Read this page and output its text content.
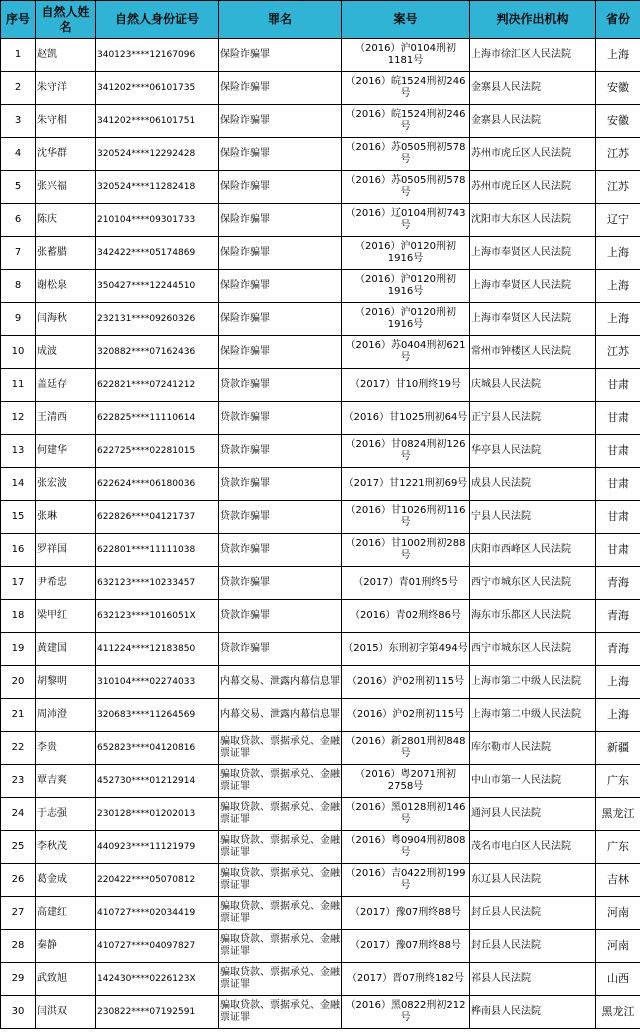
序号	自然人姓名	自然人身份证号	罪名	案号	判决作出机构	省份
1	赵凯	340123****12167096	保险诈骗罪	（2016）沪0104刑初1181号	上海市徐汇区人民法院	上海
2	朱守洋	341202****06101735	保险诈骗罪	（2016）皖1524刑初246号	金寨县人民法院	安徽
3	朱守相	341202****06101751	保险诈骗罪	（2016）皖1524刑初246号	金寨县人民法院	安徽
4	沈华群	320524****12292428	保险诈骗罪	（2016）苏0505刑初578号	苏州市虎丘区人民法院	江苏
5	张兴福	320524****11282418	保险诈骗罪	（2016）苏0505刑初578号	苏州市虎丘区人民法院	江苏
6	陈庆	210104****09301733	保险诈骗罪	（2016）辽0104刑初743号	沈阳市大东区人民法院	辽宁
7	张蓄腊	342422****05174869	保险诈骗罪	（2016）沪0120刑初1916号	上海市奉贤区人民法院	上海
8	谢松泉	350427****12244510	保险诈骗罪	（2016）沪0120刑初1916号	上海市奉贤区人民法院	上海
9	闫海秋	232131****09260326	保险诈骗罪	（2016）沪0120刑初1916号	上海市奉贤区人民法院	上海
10	成波	320882****07162436	保险诈骗罪	（2016）苏0404刑初621号	常州市钟楼区人民法院	江苏
11	盖廷存	622821****07241212	贷款诈骗罪	（2017）甘10刑终19号	庆城县人民法院	甘肃
12	王清西	622825****11110614	贷款诈骗罪	（2016）甘1025刑初64号	正宁县人民法院	甘肃
13	何建华	622725****02281015	贷款诈骗罪	（2016）甘0824刑初126号	华亭县人民法院	甘肃
14	张宏波	622624****06180036	贷款诈骗罪	（2017）甘1221刑初69号	成县人民法院	甘肃
15	张琳	622826****04121737	贷款诈骗罪	（2016）甘1026刑初116号	宁县人民法院	甘肃
16	罗祥国	622801****11111038	贷款诈骗罪	（2016）甘1002刑初288号	庆阳市西峰区人民法院	甘肃
17	尹希忠	632123****10233457	贷款诈骗罪	（2017）青01刑终5号	西宁市城东区人民法院	青海
18	梁甲红	632123****1016051X	贷款诈骗罪	（2016）青02刑终86号	海东市乐都区人民法院	青海
19	黄建国	411224****12183850	贷款诈骗罪	（2015）东刑初字第494号	西宁市城东区人民法院	青海
20	胡黎明	310104****02274033	内幕交易、泄露内幕信息罪	（2016）沪02刑初115号	上海市第二中级人民法院	上海
21	周沛澄	320683****11264569	内幕交易、泄露内幕信息罪	（2016）沪02刑初115号	上海市第二中级人民法院	上海
22	李贵	652823****04120816	骗取贷款、票据承兑、金融票证罪	（2016）新2801刑初848号	库尔勒市人民法院	新疆
23	覃吉爽	452730****01212914	骗取贷款、票据承兑、金融票证罪	（2016）粤2071刑初2758号	中山市第一人民法院	广东
24	于志强	230128****01202013	骗取贷款、票据承兑、金融票证罪	（2016）黑0128刑初146号	通河县人民法院	黑龙江
25	李秋茂	440923****11121979	骗取贷款、票据承兑、金融票证罪	（2016）粤0904刑初808号	茂名市电白区人民法院	广东
26	葛金成	220422****05070812	骗取贷款、票据承兑、金融票证罪	（2016）吉0422刑初199号	东辽县人民法院	吉林
27	高建红	410727****02034419	骗取贷款、票据承兑、金融票证罪	（2017）豫07刑终88号	封丘县人民法院	河南
28	秦静	410727****04097827	骗取贷款、票据承兑、金融票证罪	（2017）豫07刑终88号	封丘县人民法院	河南
29	武致旭	142430****0226123X	骗取贷款、票据承兑、金融票证罪	（2017）晋07刑终182号	祁县人民法院	山西
30	闫洪双	230822****07192591	骗取贷款、票据承兑、金融票证罪	（2016）黑0822刑初212号	桦南县人民法院	黑龙江
